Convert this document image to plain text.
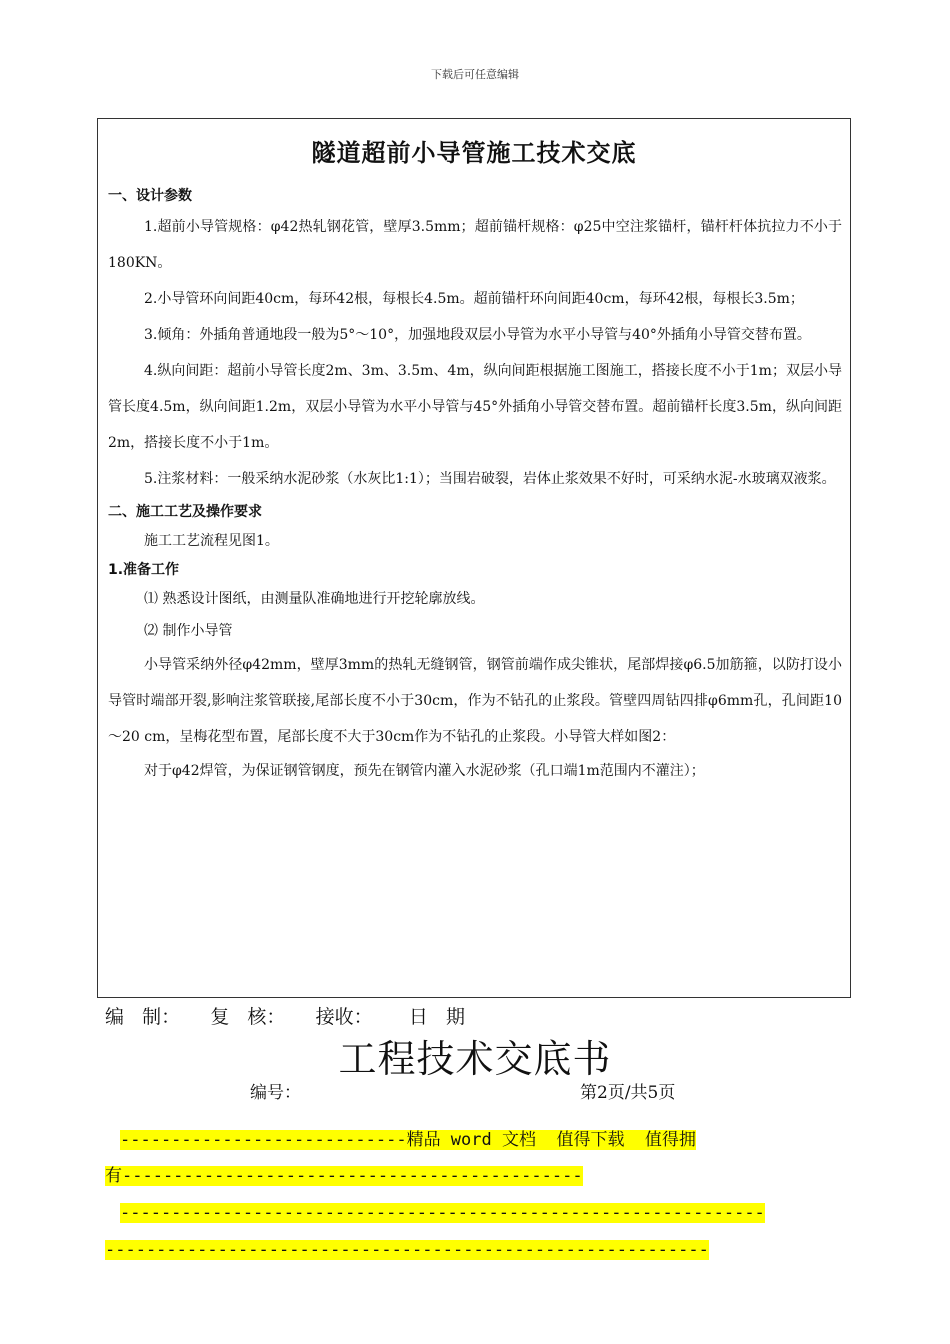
下载后可任意编辑
隧道超前小导管施工技术交底
一、设计参数

1.超前小导管规格：φ42热轧钢花管，壁厚3.5mm；超前锚杆规格：φ25中空注浆锚杆，锚杆杆体抗拉力不小于180KN。

2.小导管环向间距40cm，每环42根，每根长4.5m。超前锚杆环向间距40cm，每环42根，每根长3.5m；

3.倾角：外插角普通地段一般为5°～10°，加强地段双层小导管为水平小导管与40°外插角小导管交替布置。

4.纵向间距：超前小导管长度2m、3m、3.5m、4m，纵向间距根据施工图施工，搭接长度不小于1m；双层小导管长度4.5m，纵向间距1.2m，双层小导管为水平小导管与45°外插角小导管交替布置。超前锚杆长度3.5m，纵向间距2m，搭接长度不小于1m。

5.注浆材料：一般采纳水泥砂浆（水灰比1:1）；当围岩破裂，岩体止浆效果不好时，可采纳水泥-水玻璃双液浆。

二、施工工艺及操作要求

施工工艺流程见图1。

1.准备工作
⑴ 熟悉设计图纸，由测量队准确地进行开挖轮廓放线。
⑵ 制作小导管

小导管采纳外径φ42mm，壁厚3mm的热轧无缝钢管，钢管前端作成尖锥状，尾部焊接φ6.5加筋箍，以防打设小导管时端部开裂,影响注浆管联接,尾部长度不小于30cm，作为不钻孔的止浆段。管壁四周钻四排φ6mm孔，孔间距10～20 cm，呈梅花型布置，尾部长度不大于30cm作为不钻孔的止浆段。小导管大样如图2：

对于φ42焊管，为保证钢管钢度，预先在钢管内灌入水泥砂浆（孔口端1m范围内不灌注）；

编   制：     复   核：     接收：      日   期
工程技术交底书
编号：	第2页/共5页
----------------------------精品 word 文档  值得下载  值得拥
有---------------------------------------------
---------------------------------------------------------------
-----------------------------------------------------------
